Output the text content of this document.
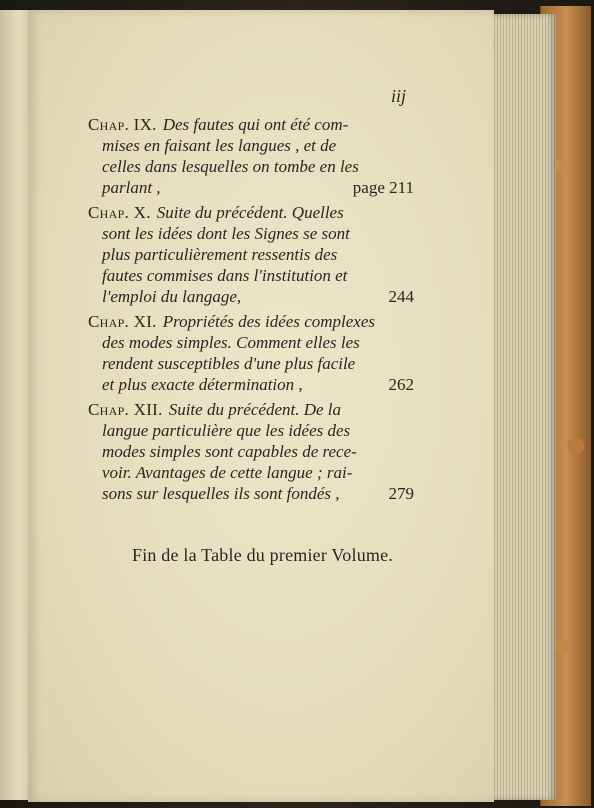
iij
Chap. IX. Des fautes qui ont été com-
mises en faisant les langues , et de
celles dans lesquelles on tombe en les
parlant ,	page 211
Chap. X. Suite du précédent. Quelles
sont les idées dont les Signes se sont
plus particulièrement ressentis des
fautes commises dans l'institution et
l'emploi du langage,	244
Chap. XI. Propriétés des idées complexes
des modes simples. Comment elles les
rendent susceptibles d'une plus facile
et plus exacte détermination ,	262
Chap. XII. Suite du précédent. De la
langue particulière que les idées des
modes simples sont capables de rece-
voir. Avantages de cette langue ; rai-
sons sur lesquelles ils sont fondés ,	279
Fin de la Table du premier Volume.
